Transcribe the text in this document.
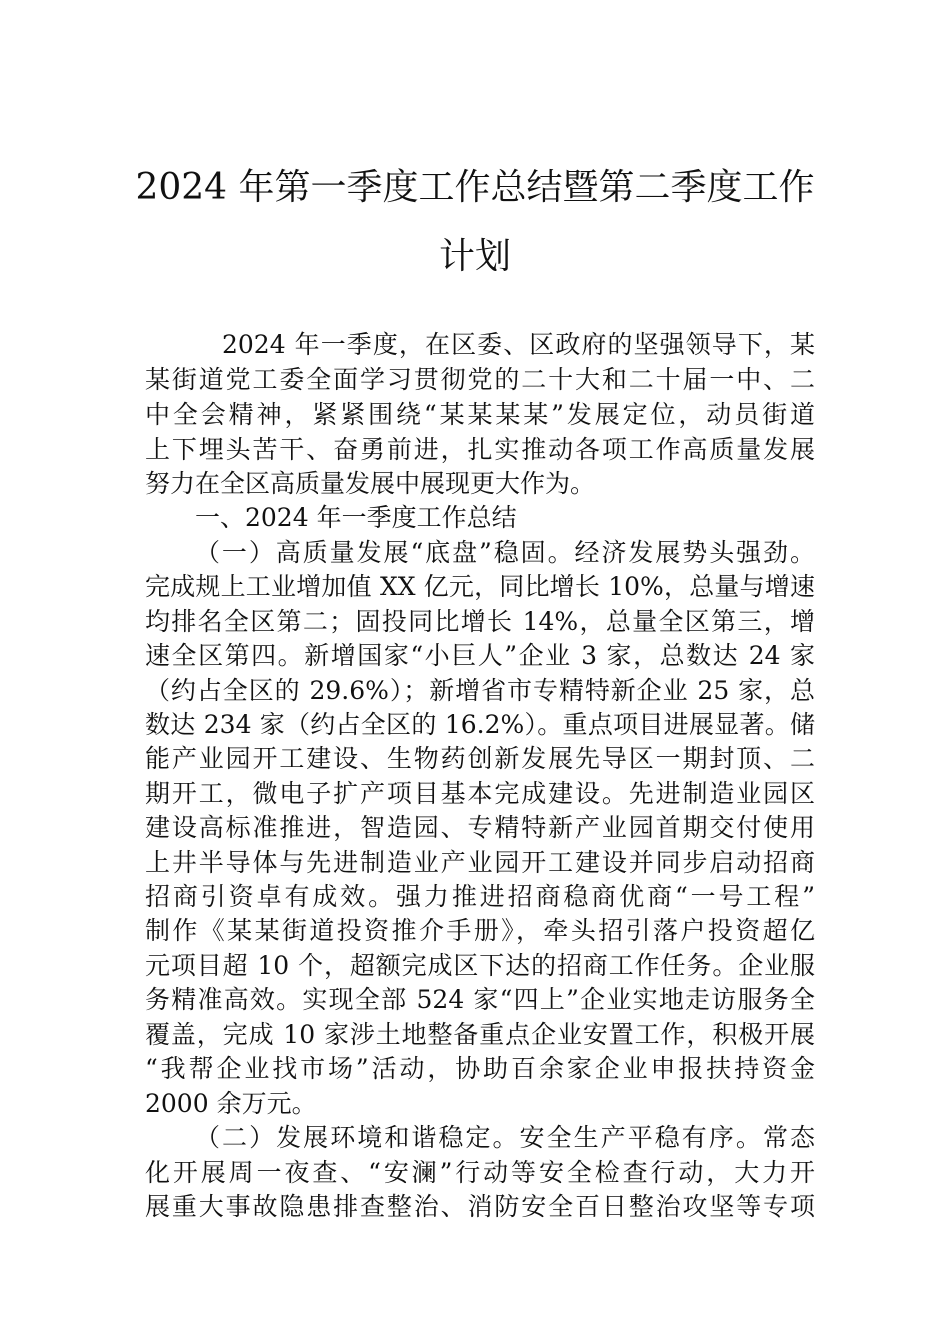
2024 年第一季度工作总结暨第二季度工作
计划
2024 年一季度，在区委、区政府的坚强领导下，某
某街道党工委全面学习贯彻党的二十大和二十届一中、二
中全会精神，紧紧围绕“某某某某”发展定位，动员街道
上下埋头苦干、奋勇前进，扎实推动各项工作高质量发展
努力在全区高质量发展中展现更大作为。
一、2024 年一季度工作总结
（一）高质量发展“底盘”稳固。经济发展势头强劲。
完成规上工业增加值 XX 亿元，同比增长 10%，总量与增速
均排名全区第二；固投同比增长 14%，总量全区第三，增
速全区第四。新增国家“小巨人”企业 3 家，总数达 24 家
（约占全区的 29.6%）；新增省市专精特新企业 25 家，总
数达 234 家（约占全区的 16.2%）。重点项目进展显著。储
能产业园开工建设、生物药创新发展先导区一期封顶、二
期开工，微电子扩产项目基本完成建设。先进制造业园区
建设高标准推进，智造园、专精特新产业园首期交付使用
上井半导体与先进制造业产业园开工建设并同步启动招商
招商引资卓有成效。强力推进招商稳商优商“一号工程”
制作《某某街道投资推介手册》，牵头招引落户投资超亿
元项目超 10 个，超额完成区下达的招商工作任务。企业服
务精准高效。实现全部 524 家“四上”企业实地走访服务全
覆盖，完成 10 家涉土地整备重点企业安置工作，积极开展
“我帮企业找市场”活动，协助百余家企业申报扶持资金
2000 余万元。
（二）发展环境和谐稳定。安全生产平稳有序。常态
化开展周一夜查、“安澜”行动等安全检查行动，大力开
展重大事故隐患排查整治、消防安全百日整治攻坚等专项
